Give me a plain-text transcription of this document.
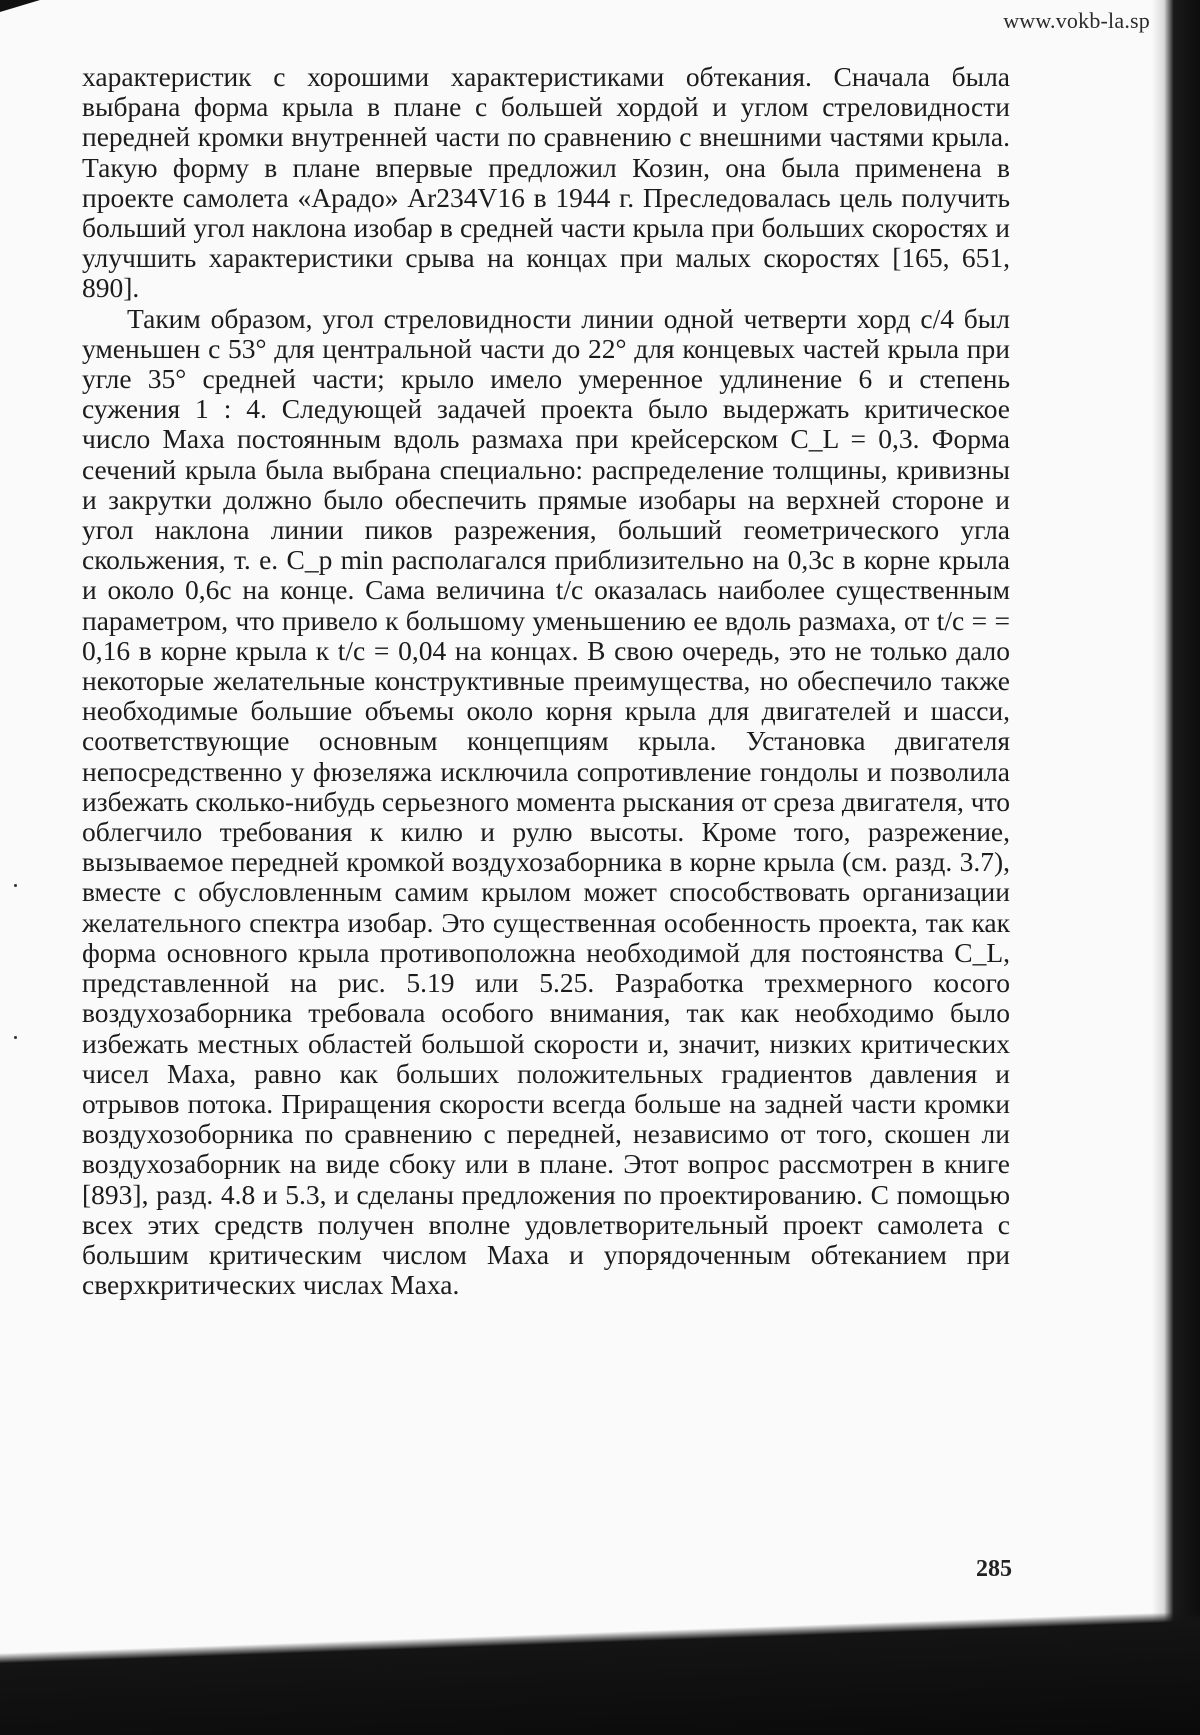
www.vokb-la.sp

характеристик с хорошими характеристиками обтекания. Сначала была выбрана форма крыла в плане с большей хордой и углом стреловидности передней кромки внутренней части по сравнению с внешними частями крыла. Такую форму в плане впервые предложил Козин, она была применена в проекте самолета «Арадо» Ar234V16 в 1944 г. Преследовалась цель получить больший угол наклона изобар в средней части крыла при больших скоростях и улучшить характеристики срыва на концах при малых скоростях [165, 651, 890].

Таким образом, угол стреловидности линии одной четверти хорд c/4 был уменьшен с 53° для центральной части до 22° для концевых частей крыла при угле 35° средней части; крыло имело умеренное удлинение 6 и степень сужения 1 : 4. Следующей задачей проекта было выдержать критическое число Маха постоянным вдоль размаха при крейсерском C_L = 0,3. Форма сечений крыла была выбрана специально: распределение толщины, кривизны и закрутки должно было обеспечить прямые изобары на верхней стороне и угол наклона линии пиков разрежения, больший геометрического угла скольжения, т. е. C_p min располагался приблизительно на 0,3c в корне крыла и около 0,6c на конце. Сама величина t/c оказалась наиболее существенным параметром, что привело к большому уменьшению ее вдоль размаха, от t/c = = 0,16 в корне крыла к t/c = 0,04 на концах. В свою очередь, это не только дало некоторые желательные конструктивные преимущества, но обеспечило также необходимые большие объемы около корня крыла для двигателей и шасси, соответствующие основным концепциям крыла. Установка двигателя непосредственно у фюзеляжа исключила сопротивление гондолы и позволила избежать сколько-нибудь серьезного момента рыскания от среза двигателя, что облегчило требования к килю и рулю высоты. Кроме того, разрежение, вызываемое передней кромкой воздухозаборника в корне крыла (см. разд. 3.7), вместе с обусловленным самим крылом может способствовать организации желательного спектра изобар. Это существенная особенность проекта, так как форма основного крыла противоположна необходимой для постоянства C_L, представленной на рис. 5.19 или 5.25. Разработка трехмерного косого воздухозаборника требовала особого внимания, так как необходимо было избежать местных областей большой скорости и, значит, низких критических чисел Маха, равно как больших положительных градиентов давления и отрывов потока. Приращения скорости всегда больше на задней части кромки воздухозоборника по сравнению с передней, независимо от того, скошен ли воздухозаборник на виде сбоку или в плане. Этот вопрос рассмотрен в книге [893], разд. 4.8 и 5.3, и сделаны предложения по проектированию. С помощью всех этих средств получен вполне удовлетворительный проект самолета с большим критическим числом Маха и упорядоченным обтеканием при сверхкритических числах Маха.

285
